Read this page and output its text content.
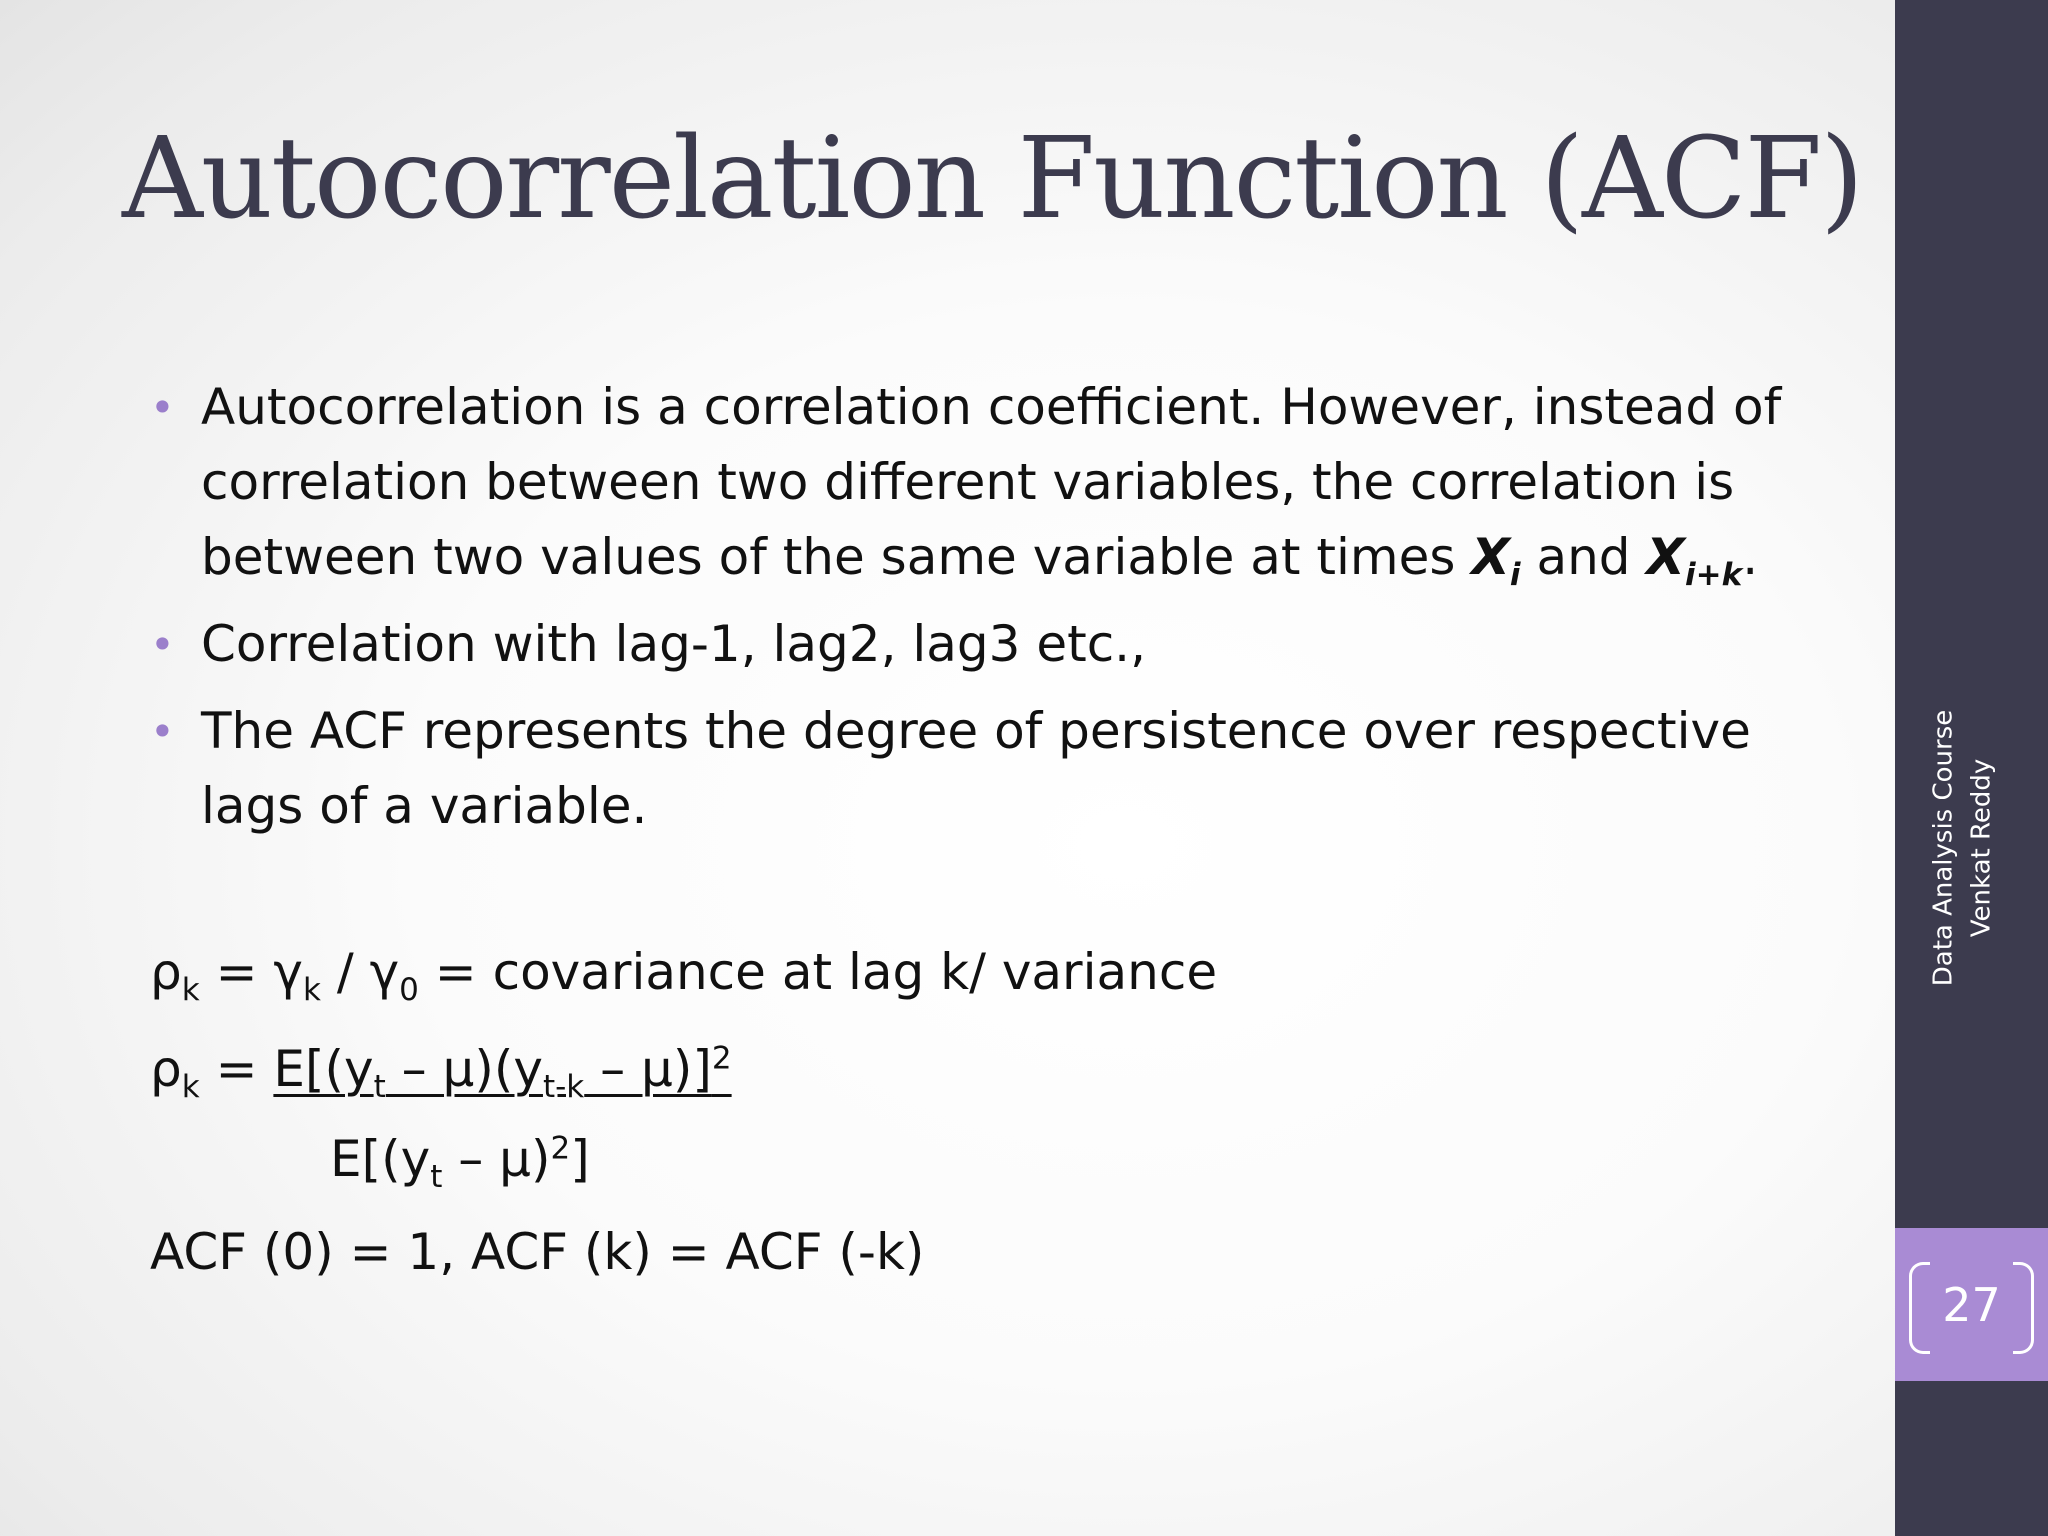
Autocorrelation Function (ACF)
• Autocorrelation is a correlation coefficient. However, instead of correlation between two different variables, the correlation is between two values of the same variable at times $X_i$ and $X_{i+k}$.
• Correlation with lag-1, lag2, lag3 etc.,
• The ACF represents the degree of persistence over respective lags of a variable.
$\rho_k = \gamma_k / \gamma_0$ = covariance at lag k/ variance
$\rho_k = E[(y_t - \mu)(y_{t-k} - \mu)]^2$
$E[(y_t - \mu)^2]$
ACF (0) = 1, ACF (k) = ACF (-k)
Data Analysis Course Venkat Reddy
27
